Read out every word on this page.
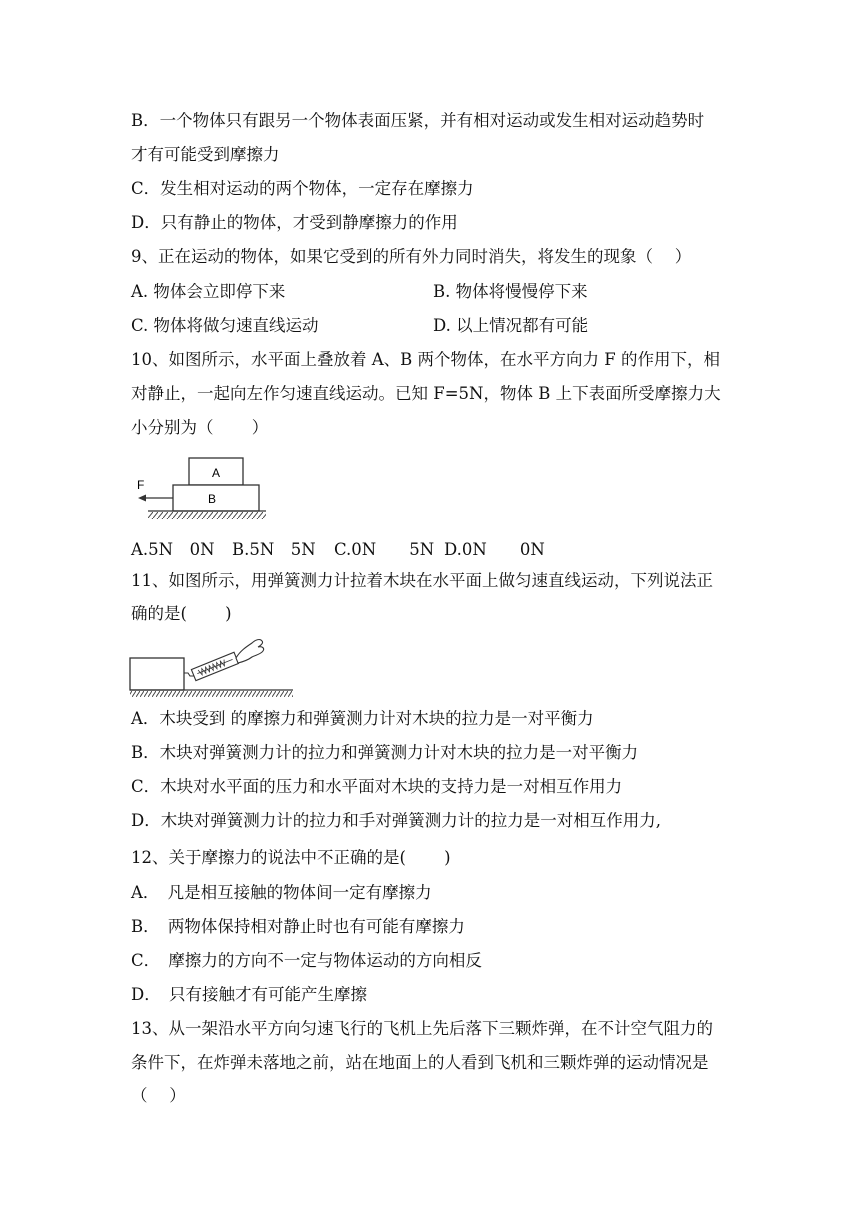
B．一个物体只有跟另一个物体表面压紧，并有相对运动或发生相对运动趋势时
才有可能受到摩擦力
C．发生相对运动的两个物体，一定存在摩擦力
D．只有静止的物体，才受到静摩擦力的作用
9、正在运动的物体，如果它受到的所有外力同时消失，将发生的现象（　 ）
A. 物体会立即停下来	B. 物体将慢慢停下来
C. 物体将做匀速直线运动	D. 以上情况都有可能
10、如图所示，水平面上叠放着 A、B 两个物体，在水平方向力 F 的作用下，相
对静止，一起向左作匀速直线运动。已知 F=5N，物体 B 上下表面所受摩擦力大
小分别为（　　 ）
A
B
F
A.5N　0N B.5N　5N C.0N　　5N D.0N　　0N
11、如图所示，用弹簧测力计拉着木块在水平面上做匀速直线运动，下列说法正
确的是(　　 )
A．木块受到 的摩擦力和弹簧测力计对木块的拉力是一对平衡力
B．木块对弹簧测力计的拉力和弹簧测力计对木块的拉力是一对平衡力
C．木块对水平面的压力和水平面对木块的支持力是一对相互作用力
D．木块对弹簧测力计的拉力和手对弹簧测力计的拉力是一对相互作用力,
12、关于摩擦力的说法中不正确的是(　　 )
A．　凡是相互接触的物体间一定有摩擦力
B．　两物体保持相对静止时也有可能有摩擦力
C．　摩擦力的方向不一定与物体运动的方向相反
D．　只有接触才有可能产生摩擦
13、从一架沿水平方向匀速飞行的飞机上先后落下三颗炸弹，在不计空气阻力的
条件下，在炸弹未落地之前，站在地面上的人看到飞机和三颗炸弹的运动情况是
（　 ）
